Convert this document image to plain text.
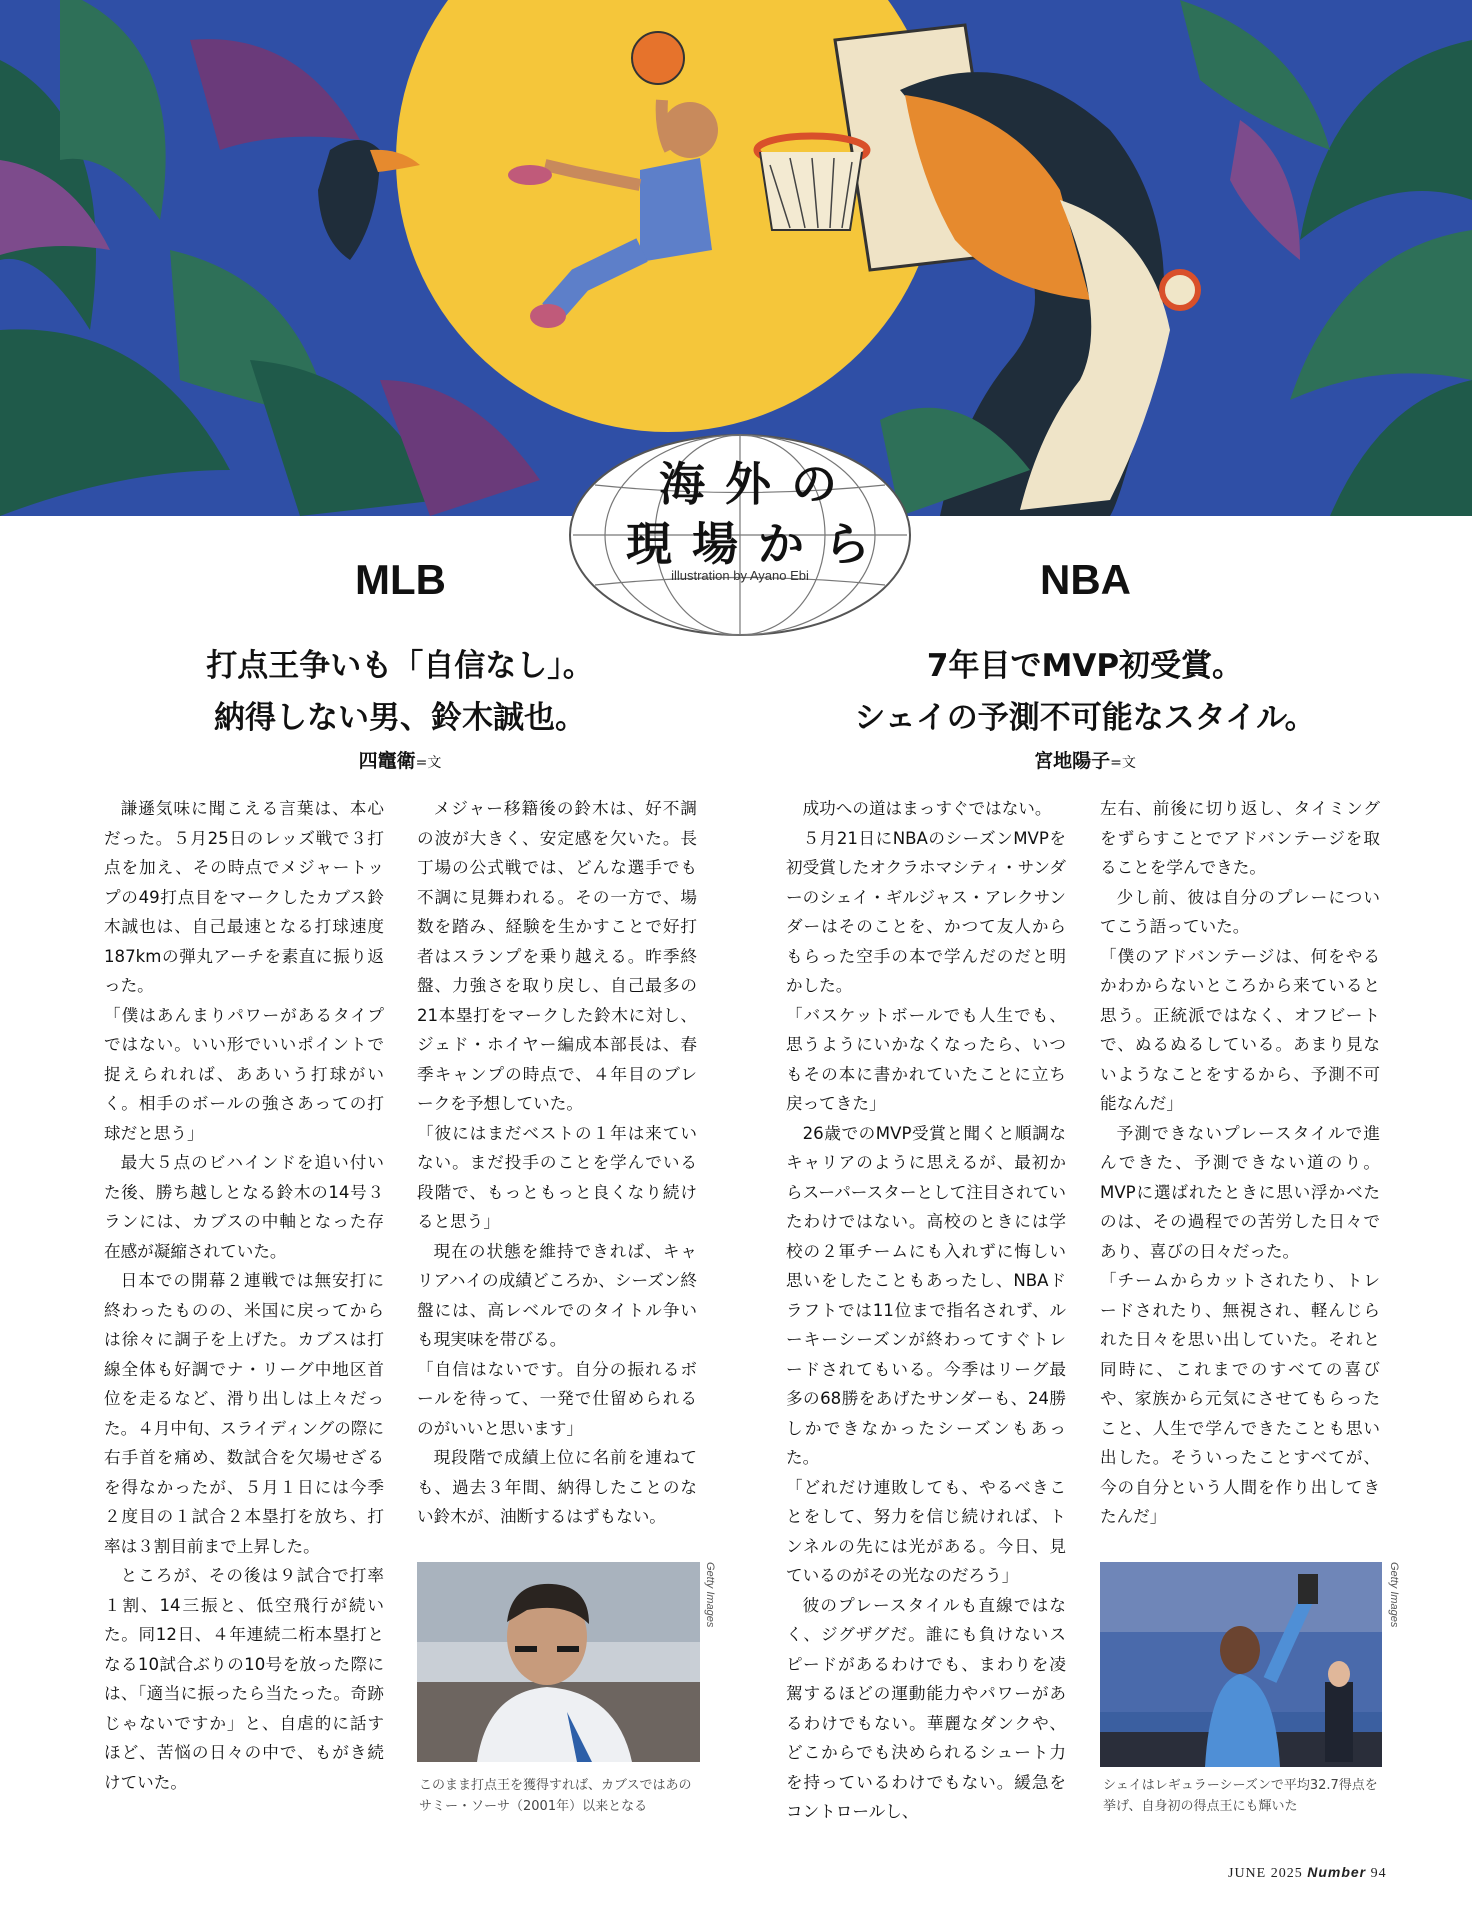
海外の
現場から
illustration by Ayano Ebi
MLB
打点王争いも「自信なし」。
納得しない男、鈴木誠也。
四竈衛=文

謙遜気味に聞こえる言葉は、本心だった。５月25日のレッズ戦で３打点を加え、その時点でメジャートップの49打点目をマークしたカブス鈴木誠也は、自己最速となる打球速度187kmの弾丸アーチを素直に振り返った。

「僕はあんまりパワーがあるタイプではない。いい形でいいポイントで捉えられれば、ああいう打球がいく。相手のボールの強さあっての打球だと思う」

最大５点のビハインドを追い付いた後、勝ち越しとなる鈴木の14号３ランには、カブスの中軸となった存在感が凝縮されていた。

日本での開幕２連戦では無安打に終わったものの、米国に戻ってからは徐々に調子を上げた。カブスは打線全体も好調でナ・リーグ中地区首位を走るなど、滑り出しは上々だった。４月中旬、スライディングの際に右手首を痛め、数試合を欠場せざるを得なかったが、５月１日には今季２度目の１試合２本塁打を放ち、打率は３割目前まで上昇した。

ところが、その後は９試合で打率１割、14三振と、低空飛行が続いた。同12日、４年連続二桁本塁打となる10試合ぶりの10号を放った際には、「適当に振ったら当たった。奇跡じゃないですか」と、自虐的に話すほど、苦悩の日々の中で、もがき続けていた。

メジャー移籍後の鈴木は、好不調の波が大きく、安定感を欠いた。長丁場の公式戦では、どんな選手でも不調に見舞われる。その一方で、場数を踏み、経験を生かすことで好打者はスランプを乗り越える。昨季終盤、力強さを取り戻し、自己最多の21本塁打をマークした鈴木に対し、ジェド・ホイヤー編成本部長は、春季キャンプの時点で、４年目のブレークを予想していた。

「彼にはまだベストの１年は来ていない。まだ投手のことを学んでいる段階で、もっともっと良くなり続けると思う」

現在の状態を維持できれば、キャリアハイの成績どころか、シーズン終盤には、高レベルでのタイトル争いも現実味を帯びる。

「自信はないです。自分の振れるボールを待って、一発で仕留められるのがいいと思います」

現段階で成績上位に名前を連ねても、過去３年間、納得したことのない鈴木が、油断するはずもない。

Getty Images
このまま打点王を獲得すれば、カブスではあのサミー・ソーサ（2001年）以来となる
NBA
7年目でMVP初受賞。
シェイの予測不可能なスタイル。
宮地陽子=文

成功への道はまっすぐではない。

５月21日にNBAのシーズンMVPを初受賞したオクラホマシティ・サンダーのシェイ・ギルジャス・アレクサンダーはそのことを、かつて友人からもらった空手の本で学んだのだと明かした。

「バスケットボールでも人生でも、思うようにいかなくなったら、いつもその本に書かれていたことに立ち戻ってきた」

26歳でのMVP受賞と聞くと順調なキャリアのように思えるが、最初からスーパースターとして注目されていたわけではない。高校のときには学校の２軍チームにも入れずに悔しい思いをしたこともあったし、NBAドラフトでは11位まで指名されず、ルーキーシーズンが終わってすぐトレードされてもいる。今季はリーグ最多の68勝をあげたサンダーも、24勝しかできなかったシーズンもあった。

「どれだけ連敗しても、やるべきことをして、努力を信じ続ければ、トンネルの先には光がある。今日、見ているのがその光なのだろう」

彼のプレースタイルも直線ではなく、ジグザグだ。誰にも負けないスピードがあるわけでも、まわりを凌駕するほどの運動能力やパワーがあるわけでもない。華麗なダンクや、どこからでも決められるシュート力を持っているわけでもない。緩急をコントロールし、

左右、前後に切り返し、タイミングをずらすことでアドバンテージを取ることを学んできた。

少し前、彼は自分のプレーについてこう語っていた。

「僕のアドバンテージは、何をやるかわからないところから来ていると思う。正統派ではなく、オフビートで、ぬるぬるしている。あまり見ないようなことをするから、予測不可能なんだ」

予測できないプレースタイルで進んできた、予測できない道のり。MVPに選ばれたときに思い浮かべたのは、その過程での苦労した日々であり、喜びの日々だった。

「チームからカットされたり、トレードされたり、無視され、軽んじられた日々を思い出していた。それと同時に、これまでのすべての喜びや、家族から元気にさせてもらったこと、人生で学んできたことも思い出した。そういったことすべてが、今の自分という人間を作り出してきたんだ」

Getty Images
シェイはレギュラーシーズンで平均32.7得点を挙げ、自身初の得点王にも輝いた
JUNE 2025 Number 94
